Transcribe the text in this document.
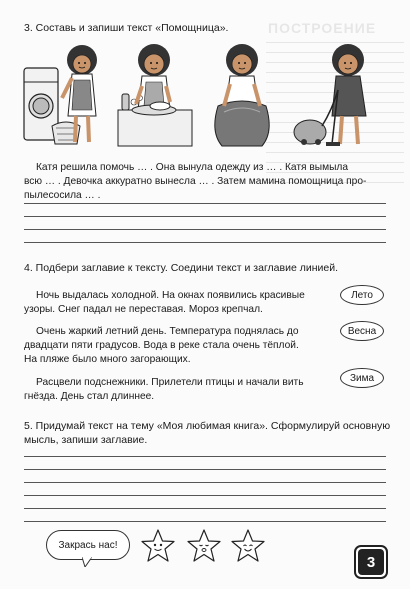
ПОСТРОЕНИЕ
3. Составь и запиши текст «Помощница».
Катя решила помочь … . Она вынула одежду из … . Катя вымыла
всю … . Девочка аккуратно вынесла … . Затем мамина помощница про-
пылесосила … .
4. Подбери заглавие к тексту. Соедини текст и заглавие линией.
Ночь выдалась холодной. На окнах появились красивые
узоры. Снег падал не переставая. Мороз крепчал.
Очень жаркий летний день. Температура поднялась до
двадцати пяти градусов. Вода в реке стала очень тёплой.
На пляже было много загорающих.
Расцвели подснежники. Прилетели птицы и начали вить
гнёзда. День стал длиннее.
Лето
Весна
Зима
5. Придумай текст на тему «Моя любимая книга». Сформулируй основную
мысль, запиши заглавие.
Закрась нас!
3
